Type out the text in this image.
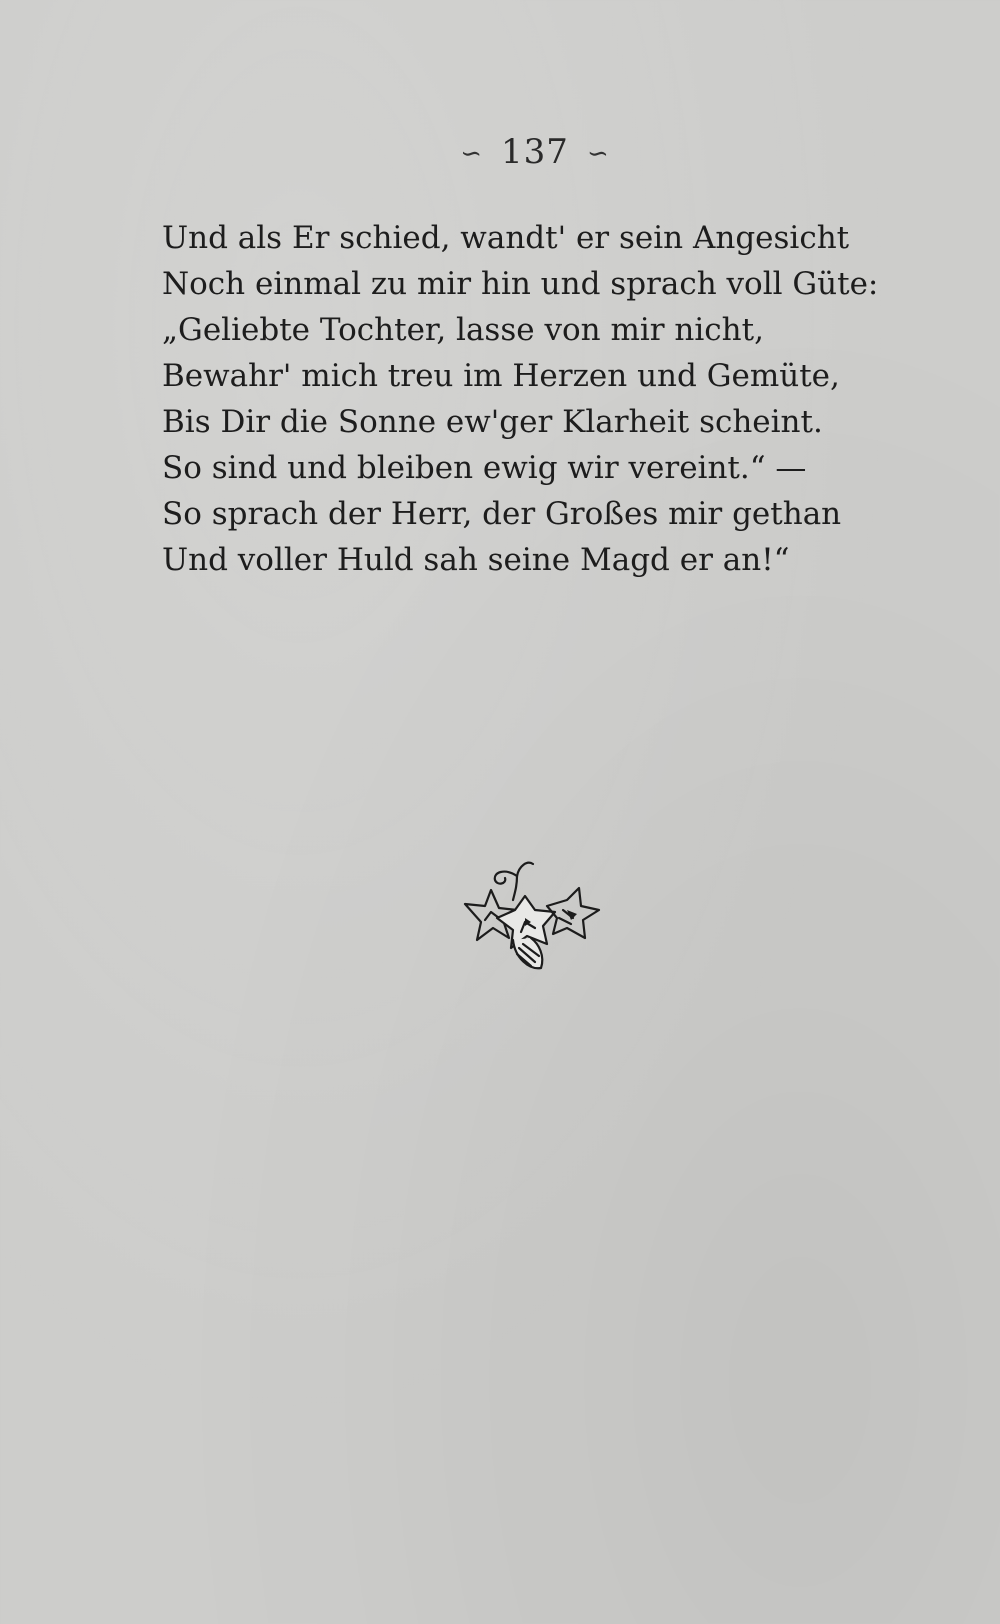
∽ 137 ∽
Und als Er schied, wandt' er sein Angesicht
Noch einmal zu mir hin und sprach voll Güte:
„Geliebte Tochter, lasse von mir nicht,
Bewahr' mich treu im Herzen und Gemüte,
Bis Dir die Sonne ew'ger Klarheit scheint.
So sind und bleiben ewig wir vereint.“ —
So sprach der Herr, der Großes mir gethan
Und voller Huld sah seine Magd er an!“
